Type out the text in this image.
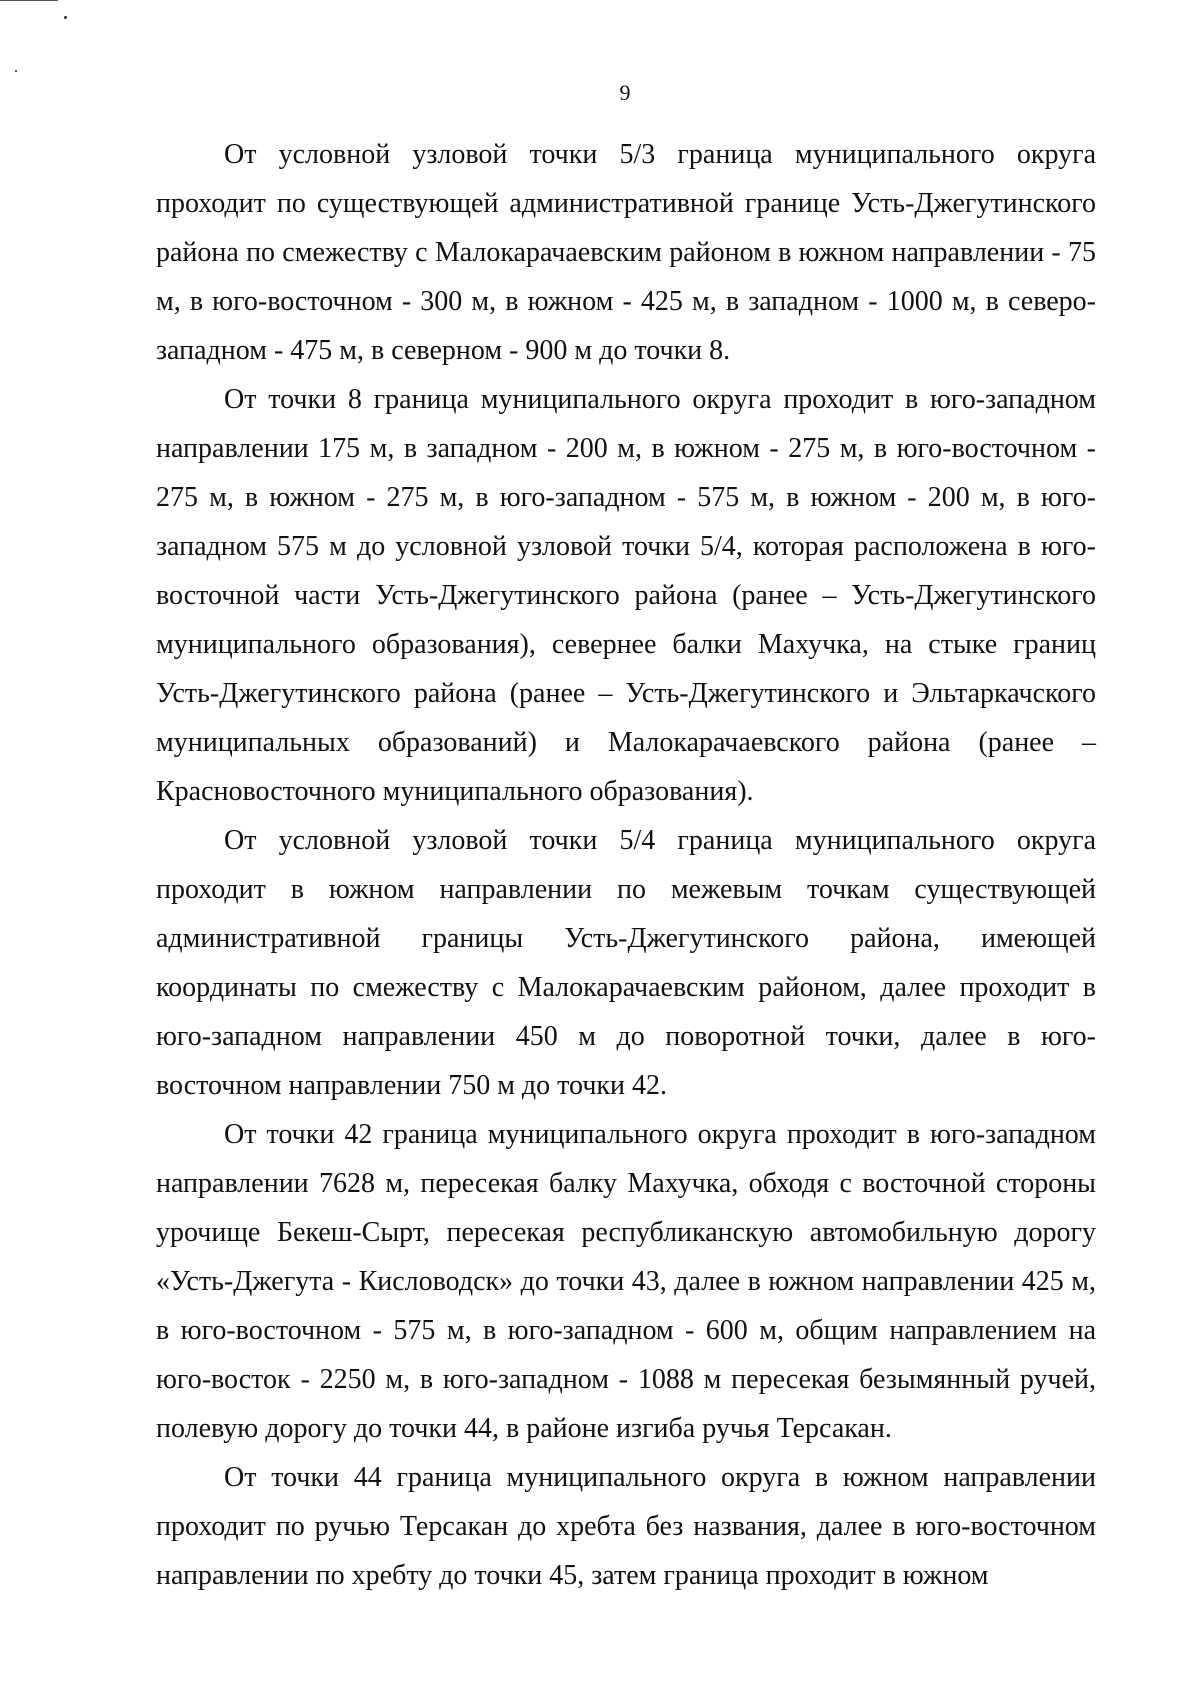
9

От условной узловой точки 5/3 граница муниципального округа проходит по существующей административной границе Усть-Джегутинского района по смежеству с Малокарачаевским районом в южном направлении - 75 м, в юго-восточном - 300 м, в южном - 425 м, в западном - 1000 м, в северо-западном - 475 м, в северном - 900 м до точки 8.

От точки 8 граница муниципального округа проходит в юго-западном направлении 175 м, в западном - 200 м, в южном - 275 м, в юго-восточном - 275 м, в южном - 275 м, в юго-западном - 575 м, в южном - 200 м, в юго-западном 575 м до условной узловой точки 5/4, которая расположена в юго-восточной части Усть-Джегутинского района (ранее – Усть-Джегутинского муниципального образования), севернее балки Махучка, на стыке границ Усть-Джегутинского района (ранее – Усть-Джегутинского и Эльтаркачского муниципальных образований) и Малокарачаевского района (ранее – Красновосточного муниципального образования).

От условной узловой точки 5/4 граница муниципального округа проходит в южном направлении по межевым точкам существующей административной границы Усть-Джегутинского района, имеющей координаты по смежеству с Малокарачаевским районом, далее проходит в юго-западном направлении 450 м до поворотной точки, далее в юго-восточном направлении 750 м до точки 42.

От точки 42 граница муниципального округа проходит в юго-западном направлении 7628 м, пересекая балку Махучка, обходя с восточной стороны урочище Бекеш-Сырт, пересекая республиканскую автомобильную дорогу «Усть-Джегута - Кисловодск» до точки 43, далее в южном направлении 425 м, в юго-восточном - 575 м, в юго-западном - 600 м, общим направлением на юго-восток - 2250 м, в юго-западном - 1088 м пересекая безымянный ручей, полевую дорогу до точки 44, в районе изгиба ручья Терсакан.

От точки 44 граница муниципального округа в южном направлении проходит по ручью Терсакан до хребта без названия, далее в юго-восточном направлении по хребту до точки 45, затем граница проходит в южном
